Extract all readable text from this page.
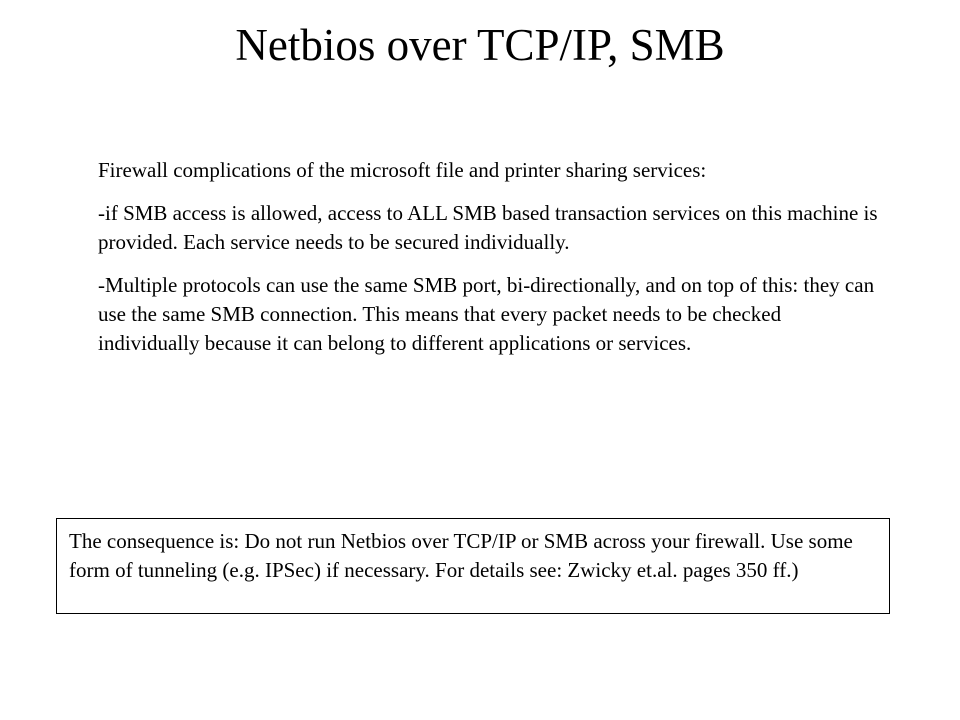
Netbios over TCP/IP, SMB

Firewall complications of the microsoft file and printer sharing services:

-if SMB access is allowed, access to ALL SMB based transaction services on this machine is provided. Each service needs to be secured individually.

-Multiple protocols can use the same SMB port, bi-directionally, and on top of this: they can use the same SMB connection. This means that every packet needs to be checked individually because it can belong to different applications or services.

The consequence is: Do not run Netbios over TCP/IP or SMB across your firewall. Use some form of tunneling (e.g. IPSec) if necessary. For details see: Zwicky et.al. pages 350 ff.)
